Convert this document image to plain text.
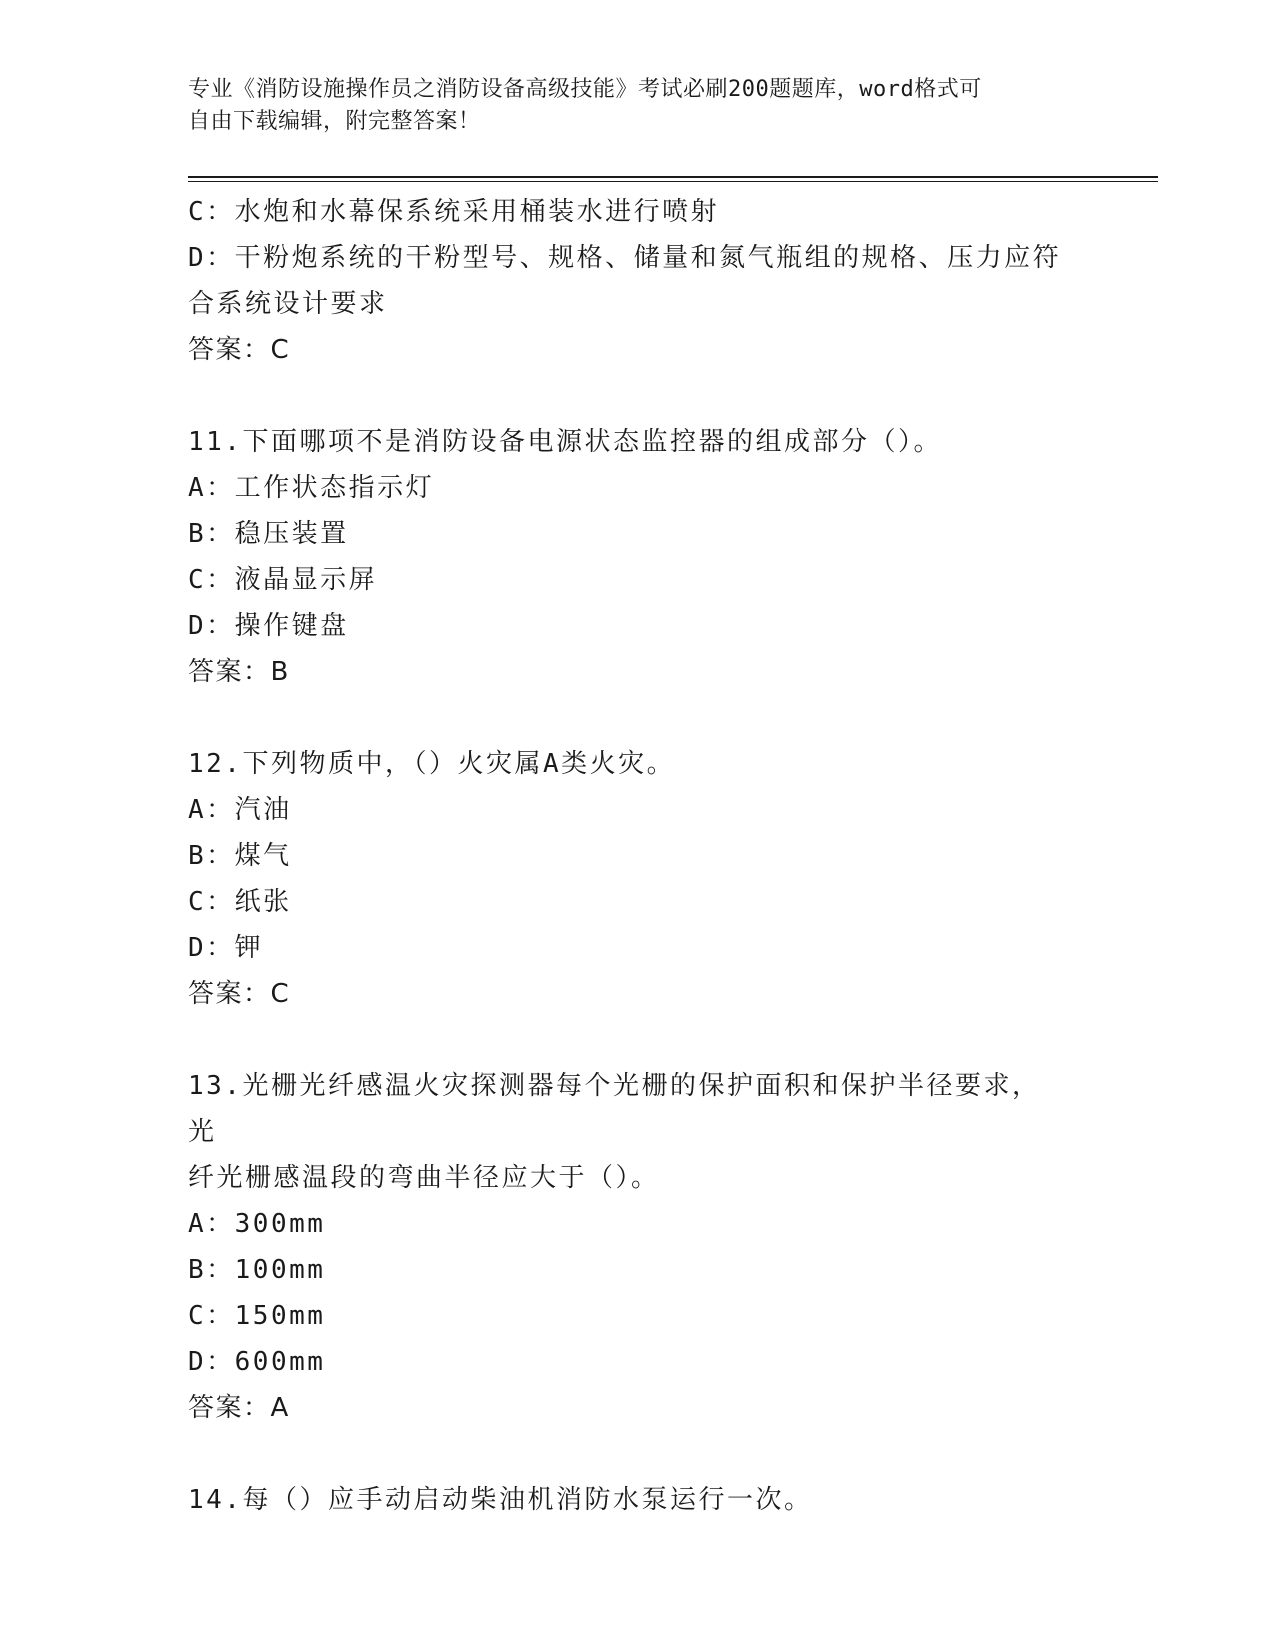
专业《消防设施操作员之消防设备高级技能》考试必刷200题题库，word格式可
自由下载编辑，附完整答案！
C：水炮和水幕保系统采用桶装水进行喷射
D：干粉炮系统的干粉型号、规格、储量和氮气瓶组的规格、压力应符
合系统设计要求
答案：C
11.下面哪项不是消防设备电源状态监控器的组成部分（）。
A：工作状态指示灯
B：稳压装置
C：液晶显示屏
D：操作键盘
答案：B
12.下列物质中，（）火灾属A类火灾。
A：汽油
B：煤气
C：纸张
D：钾
答案：C
13.光栅光纤感温火灾探测器每个光栅的保护面积和保护半径要求，光
纤光栅感温段的弯曲半径应大于（）。
A：300mm
B：100mm
C：150mm
D：600mm
答案：A
14.每（）应手动启动柴油机消防水泵运行一次。
